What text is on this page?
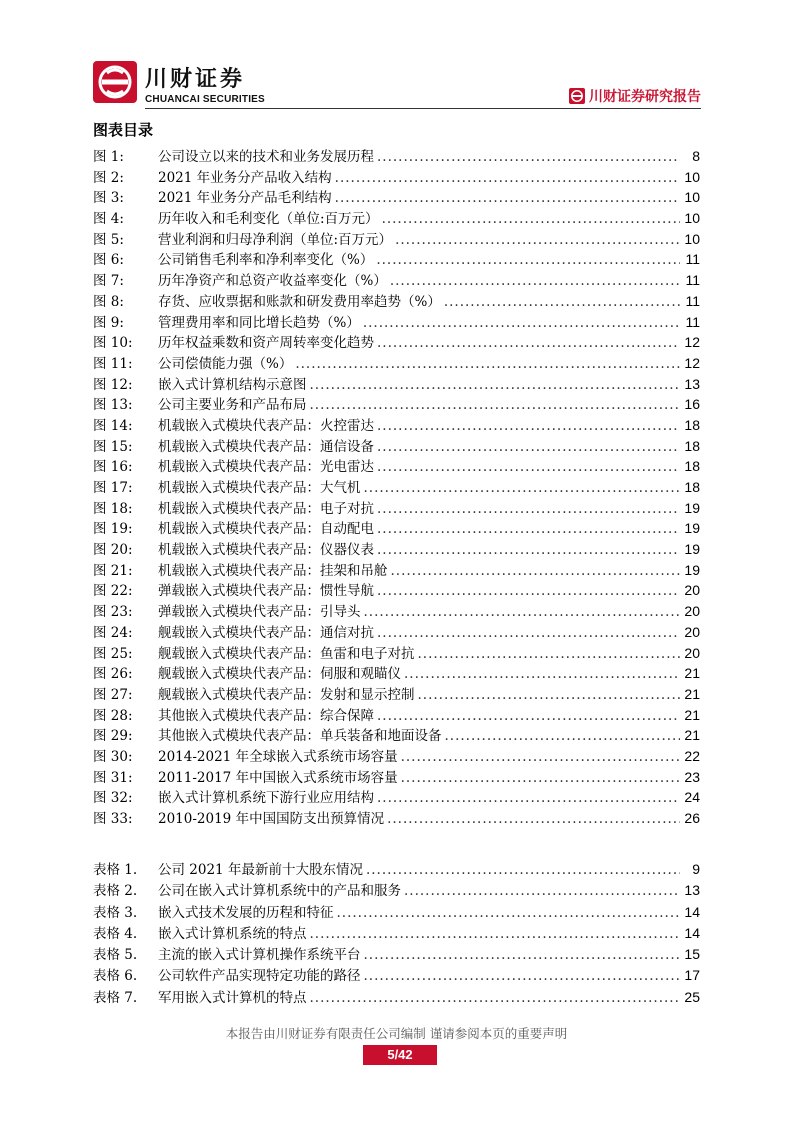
川财证券
CHUANCAI SECURITIES	川财证券研究报告
图表目录
图 1:	公司设立以来的技术和业务发展历程 .....	8
图 2:	2021 年业务分产品收入结构 .....	10
图 3:	2021 年业务分产品毛利结构 .....	10
图 4:	历年收入和毛利变化（单位:百万元） .....	10
图 5:	营业利润和归母净利润（单位:百万元） .....	10
图 6:	公司销售毛利率和净利率变化（%） .....	11
图 7:	历年净资产和总资产收益率变化（%） .....	11
图 8:	存货、应收票据和账款和研发费用率趋势（%） .....	11
图 9:	管理费用率和同比增长趋势（%） .....	11
图 10:	历年权益乘数和资产周转率变化趋势 .....	12
图 11:	公司偿债能力强（%） .....	12
图 12:	嵌入式计算机结构示意图 .....	13
图 13:	公司主要业务和产品布局 .....	16
图 14:	机载嵌入式模块代表产品：火控雷达 .....	18
图 15:	机载嵌入式模块代表产品：通信设备 .....	18
图 16:	机载嵌入式模块代表产品：光电雷达 .....	18
图 17:	机载嵌入式模块代表产品：大气机 .....	18
图 18:	机载嵌入式模块代表产品：电子对抗 .....	19
图 19:	机载嵌入式模块代表产品：自动配电 .....	19
图 20:	机载嵌入式模块代表产品：仪器仪表 .....	19
图 21:	机载嵌入式模块代表产品：挂架和吊舱 .....	19
图 22:	弹载嵌入式模块代表产品：惯性导航 .....	20
图 23:	弹载嵌入式模块代表产品：引导头 .....	20
图 24:	舰载嵌入式模块代表产品：通信对抗 .....	20
图 25:	舰载嵌入式模块代表产品：鱼雷和电子对抗 .....	20
图 26:	舰载嵌入式模块代表产品：伺服和观瞄仪 .....	21
图 27:	舰载嵌入式模块代表产品：发射和显示控制 .....	21
图 28:	其他嵌入式模块代表产品：综合保障 .....	21
图 29:	其他嵌入式模块代表产品：单兵装备和地面设备 .....	21
图 30:	2014-2021 年全球嵌入式系统市场容量 .....	22
图 31:	2011-2017 年中国嵌入式系统市场容量 .....	23
图 32:	嵌入式计算机系统下游行业应用结构 .....	24
图 33:	2010-2019 年中国国防支出预算情况 .....	26
表格 1.	公司 2021 年最新前十大股东情况 .....	9
表格 2.	公司在嵌入式计算机系统中的产品和服务 .....	13
表格 3.	嵌入式技术发展的历程和特征 .....	14
表格 4.	嵌入式计算机系统的特点 .....	14
表格 5.	主流的嵌入式计算机操作系统平台 .....	15
表格 6.	公司软件产品实现特定功能的路径 .....	17
表格 7.	军用嵌入式计算机的特点 .....	25
本报告由川财证券有限责任公司编制 谨请参阅本页的重要声明
5/42
